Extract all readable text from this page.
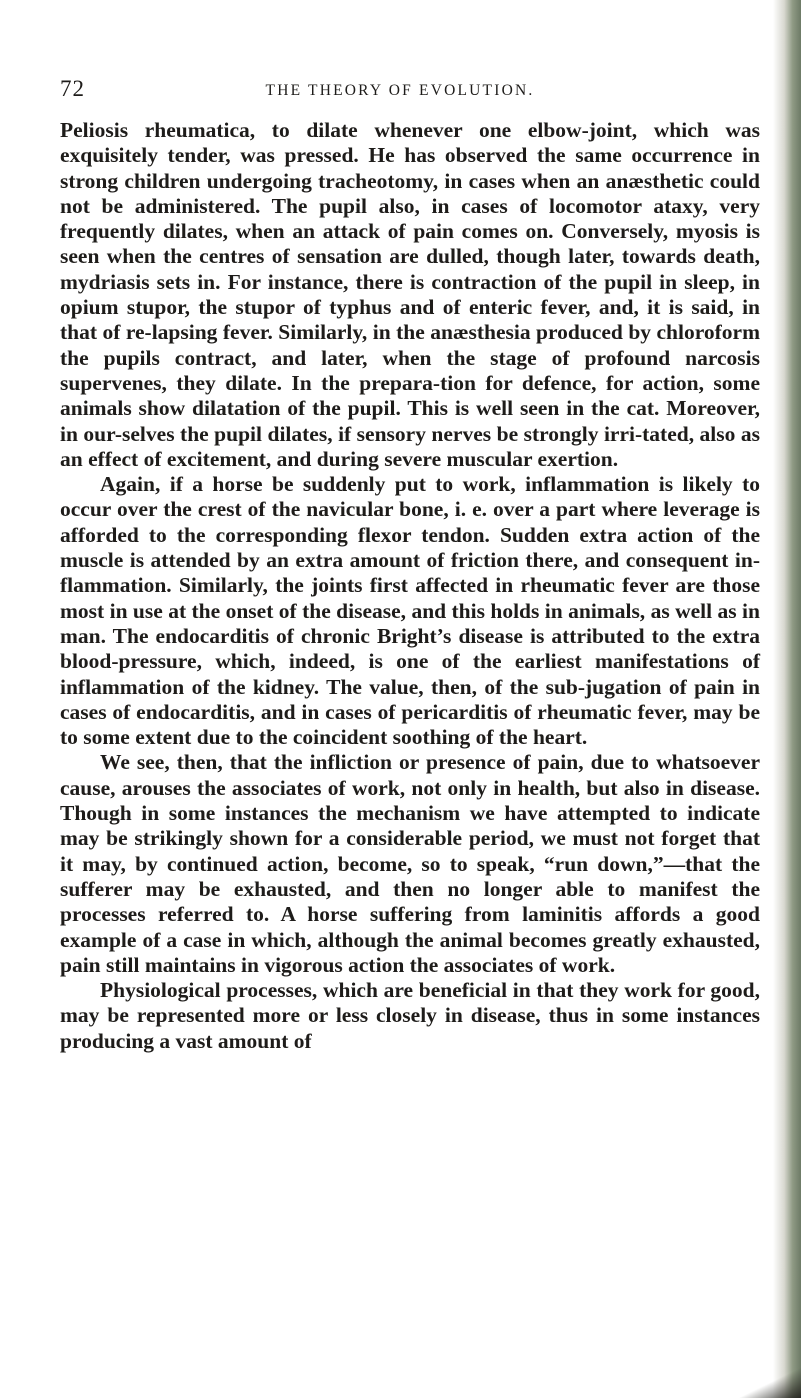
72	THE THEORY OF EVOLUTION.

Peliosis rheumatica, to dilate whenever one elbow-joint, which was exquisitely tender, was pressed. He has observed the same occurrence in strong children undergoing tracheotomy, in cases when an anæsthetic could not be administered. The pupil also, in cases of locomotor ataxy, very frequently dilates, when an attack of pain comes on. Conversely, myosis is seen when the centres of sensation are dulled, though later, towards death, mydriasis sets in. For instance, there is contraction of the pupil in sleep, in opium stupor, the stupor of typhus and of enteric fever, and, it is said, in that of re-lapsing fever. Similarly, in the anæsthesia produced by chloroform the pupils contract, and later, when the stage of profound narcosis supervenes, they dilate. In the prepara-tion for defence, for action, some animals show dilatation of the pupil. This is well seen in the cat. Moreover, in our-selves the pupil dilates, if sensory nerves be strongly irri-tated, also as an effect of excitement, and during severe muscular exertion.

Again, if a horse be suddenly put to work, inflammation is likely to occur over the crest of the navicular bone, i. e. over a part where leverage is afforded to the corresponding flexor tendon. Sudden extra action of the muscle is attended by an extra amount of friction there, and consequent in-flammation. Similarly, the joints first affected in rheumatic fever are those most in use at the onset of the disease, and this holds in animals, as well as in man. The endocarditis of chronic Bright’s disease is attributed to the extra blood-pressure, which, indeed, is one of the earliest manifestations of inflammation of the kidney. The value, then, of the sub-jugation of pain in cases of endocarditis, and in cases of pericarditis of rheumatic fever, may be to some extent due to the coincident soothing of the heart.

We see, then, that the infliction or presence of pain, due to whatsoever cause, arouses the associates of work, not only in health, but also in disease. Though in some instances the mechanism we have attempted to indicate may be strikingly shown for a considerable period, we must not forget that it may, by continued action, become, so to speak, “run down,”—that the sufferer may be exhausted, and then no longer able to manifest the processes referred to. A horse suffering from laminitis affords a good example of a case in which, although the animal becomes greatly exhausted, pain still maintains in vigorous action the associates of work.

Physiological processes, which are beneficial in that they work for good, may be represented more or less closely in disease, thus in some instances producing a vast amount of
